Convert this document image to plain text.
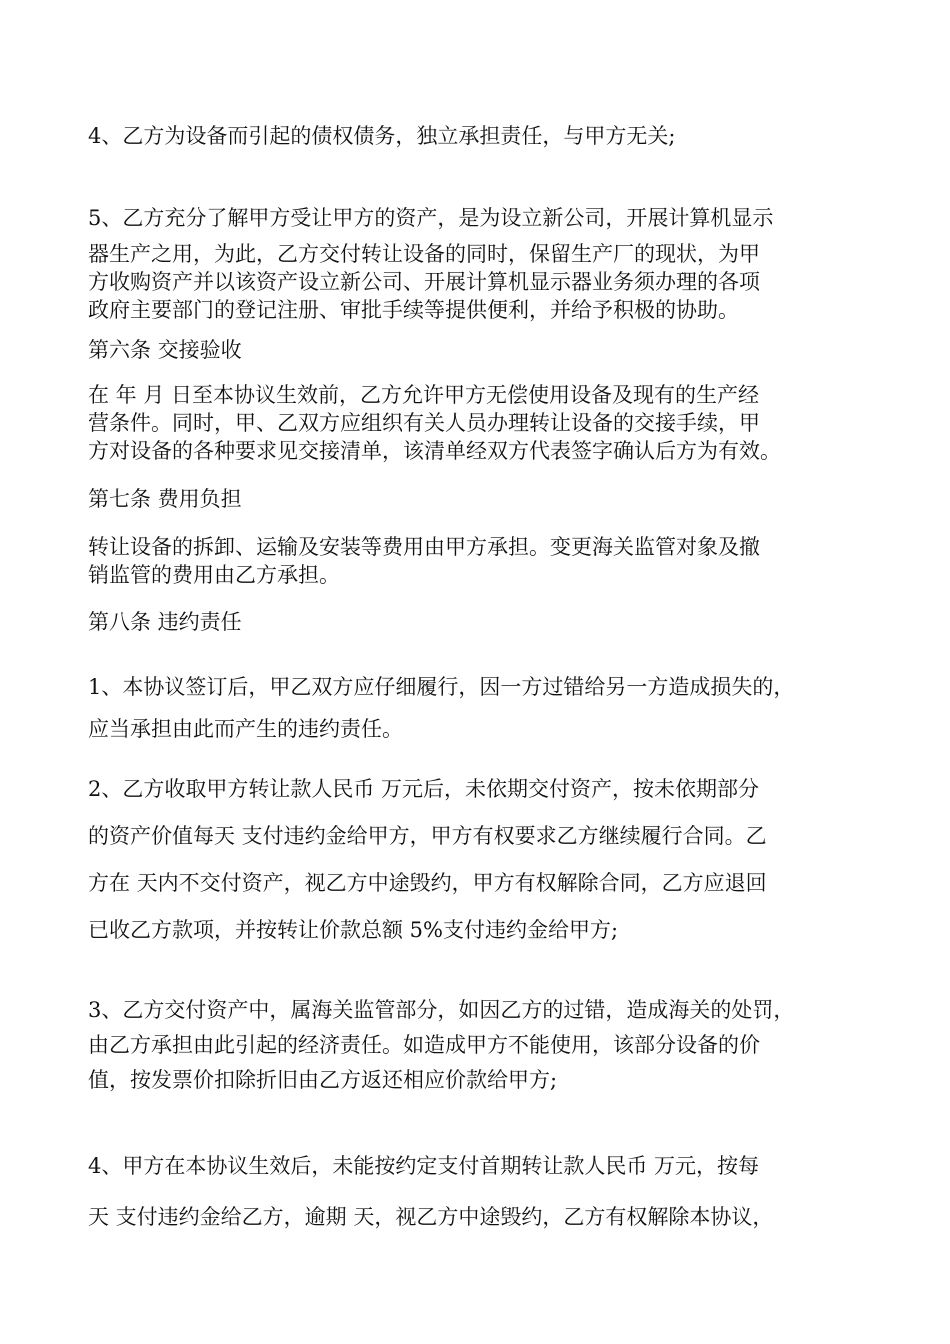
4、乙方为设备而引起的债权债务，独立承担责任，与甲方无关;

5、乙方充分了解甲方受让甲方的资产，是为设立新公司，开展计算机显示
器生产之用，为此，乙方交付转让设备的同时，保留生产厂的现状，为甲
方收购资产并以该资产设立新公司、开展计算机显示器业务须办理的各项
政府主要部门的登记注册、审批手续等提供便利，并给予积极的协助。

第六条 交接验收

在 年 月 日至本协议生效前，乙方允许甲方无偿使用设备及现有的生产经
营条件。同时，甲、乙双方应组织有关人员办理转让设备的交接手续，甲
方对设备的各种要求见交接清单，该清单经双方代表签字确认后方为有效。

第七条 费用负担

转让设备的拆卸、运输及安装等费用由甲方承担。变更海关监管对象及撤
销监管的费用由乙方承担。

第八条 违约责任

1、本协议签订后，甲乙双方应仔细履行，因一方过错给另一方造成损失的，
应当承担由此而产生的违约责任。

2、乙方收取甲方转让款人民币 万元后，未依期交付资产，按未依期部分
的资产价值每天 支付违约金给甲方，甲方有权要求乙方继续履行合同。乙
方在 天内不交付资产，视乙方中途毁约，甲方有权解除合同，乙方应退回
已收乙方款项，并按转让价款总额 5%支付违约金给甲方;

3、乙方交付资产中，属海关监管部分，如因乙方的过错，造成海关的处罚，
由乙方承担由此引起的经济责任。如造成甲方不能使用，该部分设备的价
值，按发票价扣除折旧由乙方返还相应价款给甲方;

4、甲方在本协议生效后，未能按约定支付首期转让款人民币 万元，按每
天 支付违约金给乙方，逾期 天，视乙方中途毁约，乙方有权解除本协议，
